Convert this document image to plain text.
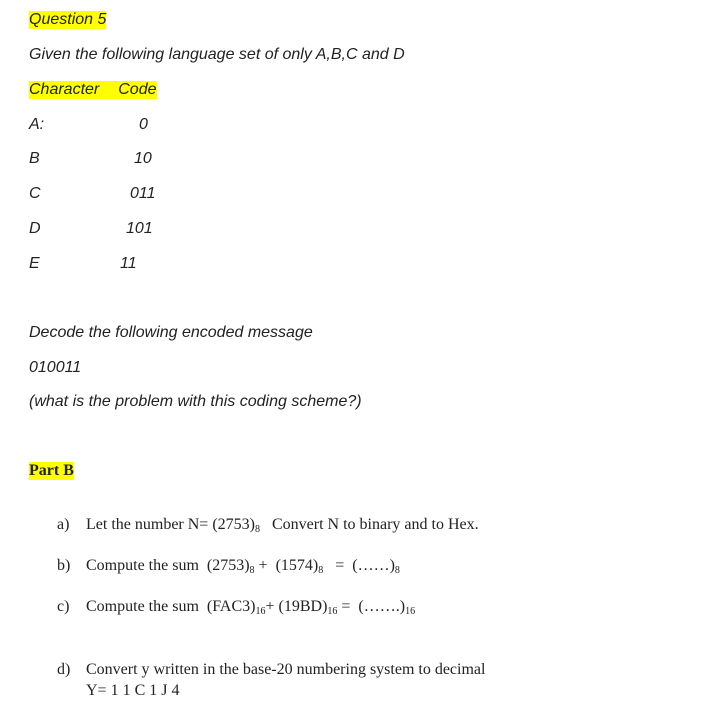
Question 5
Given the following language set of only A,B,C and D
Character Code
A:	0
B	10
C	011
D	101
E	11
Decode the following encoded message
010011
(what is the problem with this coding scheme?)
Part B
a) Let the number $N= (2753)_8$   Convert N to binary and to Hex.
b) Compute the sum  $(2753)_8 + (1574)_8$   =  $(\dots\dots)_8$
c) Compute the sum  $(FAC3)_{16}+ (19BD)_{16}$ =  $(\dots\dots.)_{16}$
d) Convert y written in the base-20 numbering system to decimal
Y= 1 1 C 1 J 4
